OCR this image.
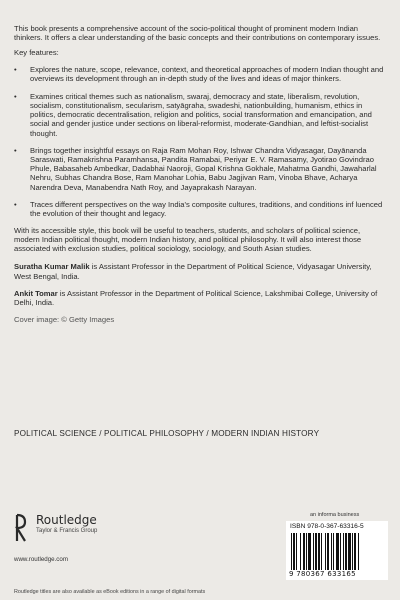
This book presents a comprehensive account of the socio-political thought of prominent modern Indian thinkers. It offers a clear understanding of the basic concepts and their contributions on contemporary issues.

Key features:

• Explores the nature, scope, relevance, context, and theoretical approaches of modern Indian thought and overviews its development through an in-depth study of the lives and ideas of major thinkers.
• Examines critical themes such as nationalism, swaraj, democracy and state, liberalism, revolution, socialism, constitutionalism, secularism, satyāgraha, swadeshi, nationbuilding, humanism, ethics in politics, democratic decentralisation, religion and politics, social transformation and emancipation, and social and gender justice under sections on liberal-reformist, moderate-Gandhian, and leftist-socialist thought.
• Brings together insightful essays on Raja Ram Mohan Roy, Ishwar Chandra Vidyasagar, Dayānanda Saraswati, Ramakrishna Paramhansa, Pandita Ramabai, Periyar E. V. Ramasamy, Jyotirao Govindrao Phule, Babasaheb Ambedkar, Dadabhai Naoroji, Gopal Krishna Gokhale, Mahatma Gandhi, Jawaharlal Nehru, Subhas Chandra Bose, Ram Manohar Lohia, Babu Jagjivan Ram, Vinoba Bhave, Acharya Narendra Deva, Manabendra Nath Roy, and Jayaprakash Narayan.
• Traces different perspectives on the way India's composite cultures, traditions, and conditions inf luenced the evolution of their thought and legacy.

With its accessible style, this book will be useful to teachers, students, and scholars of political science, modern Indian political thought, modern Indian history, and political philosophy. It will also interest those associated with exclusion studies, political sociology, sociology, and South Asian studies.

Suratha Kumar Malik is Assistant Professor in the Department of Political Science, Vidyasagar University, West Bengal, India.

Ankit Tomar is Assistant Professor in the Department of Political Science, Lakshmibai College, University of Delhi, India.

Cover image: © Getty Images

POLITICAL SCIENCE / POLITICAL PHILOSOPHY / MODERN INDIAN HISTORY
Routledge
Taylor & Francis Group
www.routledge.com
an informa business
ISBN 978-0-367-63316-5
9 780367 633165
Routledge titles are also available as eBook editions in a range of digital formats
